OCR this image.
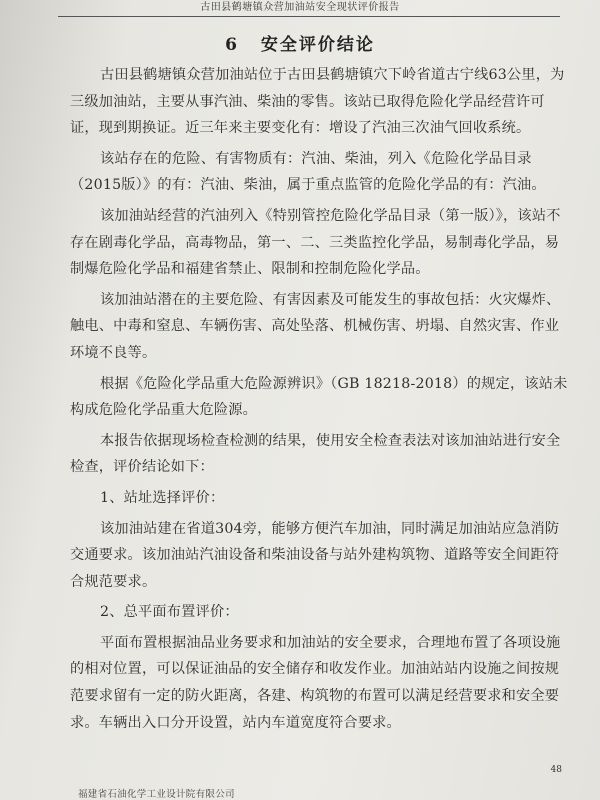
古田县鹤塘镇众营加油站安全现状评价报告
6 安全评价结论

古田县鹤塘镇众营加油站位于古田县鹤塘镇穴下岭省道古宁线63公里，为三级加油站，主要从事汽油、柴油的零售。该站已取得危险化学品经营许可证，现到期换证。近三年来主要变化有：增设了汽油三次油气回收系统。

该站存在的危险、有害物质有：汽油、柴油，列入《危险化学品目录（2015版）》的有：汽油、柴油，属于重点监管的危险化学品的有：汽油。

该加油站经营的汽油列入《特别管控危险化学品目录（第一版）》，该站不存在剧毒化学品，高毒物品，第一、二、三类监控化学品，易制毒化学品，易制爆危险化学品和福建省禁止、限制和控制危险化学品。

该加油站潜在的主要危险、有害因素及可能发生的事故包括：火灾爆炸、触电、中毒和窒息、车辆伤害、高处坠落、机械伤害、坍塌、自然灾害、作业环境不良等。

根据《危险化学品重大危险源辨识》（GB 18218-2018）的规定，该站未构成危险化学品重大危险源。

本报告依据现场检查检测的结果，使用安全检查表法对该加油站进行安全检查，评价结论如下：

1、站址选择评价：

该加油站建在省道304旁，能够方便汽车加油，同时满足加油站应急消防交通要求。该加油站汽油设备和柴油设备与站外建构筑物、道路等安全间距符合规范要求。

2、总平面布置评价：

平面布置根据油品业务要求和加油站的安全要求，合理地布置了各项设施的相对位置，可以保证油品的安全储存和收发作业。加油站站内设施之间按规范要求留有一定的防火距离，各建、构筑物的布置可以满足经营要求和安全要求。车辆出入口分开设置，站内车道宽度符合要求。

48
福建省石油化学工业设计院有限公司
